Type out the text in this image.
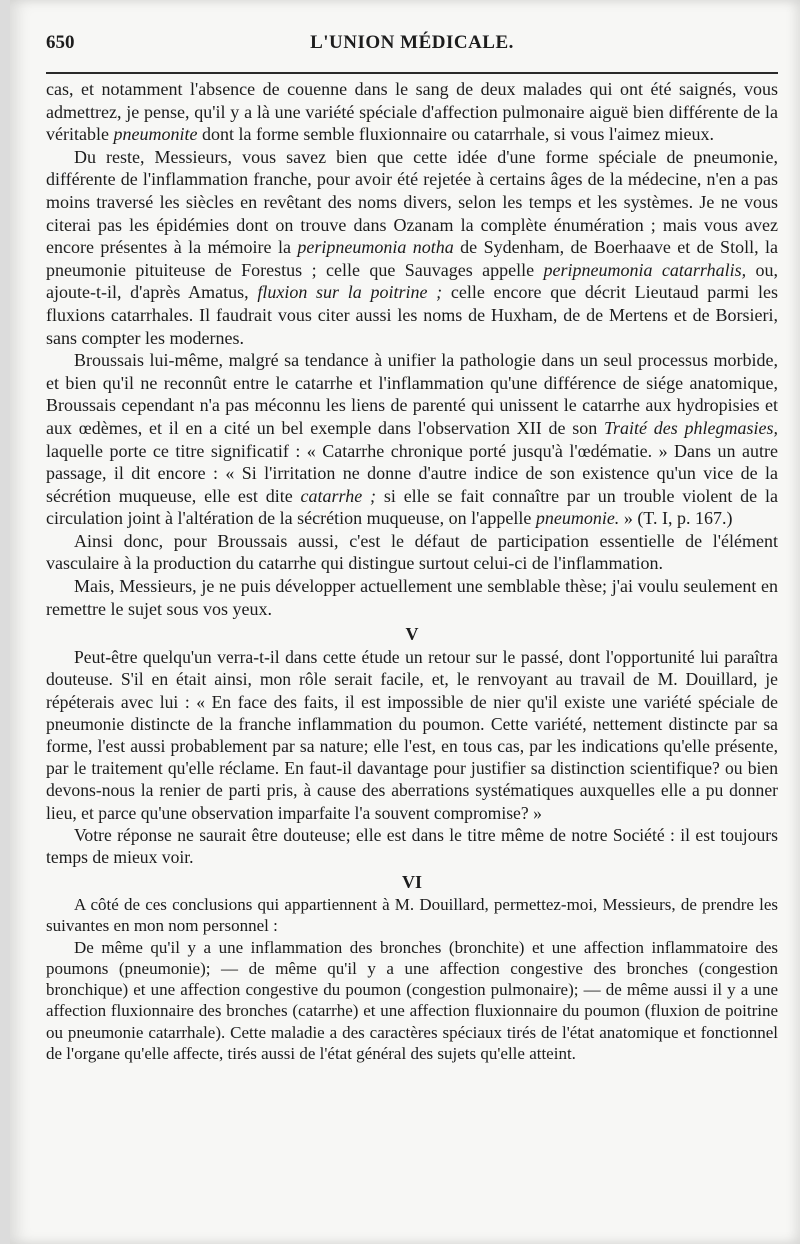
650	L'UNION MÉDICALE.

cas, et notamment l'absence de couenne dans le sang de deux malades qui ont été saignés, vous admettrez, je pense, qu'il y a là une variété spéciale d'affection pulmonaire aiguë bien différente de la véritable pneumonite dont la forme semble fluxionnaire ou catarrhale, si vous l'aimez mieux.

Du reste, Messieurs, vous savez bien que cette idée d'une forme spéciale de pneumonie, différente de l'inflammation franche, pour avoir été rejetée à certains âges de la médecine, n'en a pas moins traversé les siècles en revêtant des noms divers, selon les temps et les systèmes. Je ne vous citerai pas les épidémies dont on trouve dans Ozanam la complète énumération ; mais vous avez encore présentes à la mémoire la peripneumonia notha de Sydenham, de Boerhaave et de Stoll, la pneumonie pituiteuse de Forestus ; celle que Sauvages appelle peripneumonia catarrhalis, ou, ajoute-t-il, d'après Amatus, fluxion sur la poitrine ; celle encore que décrit Lieutaud parmi les fluxions catarrhales. Il faudrait vous citer aussi les noms de Huxham, de de Mertens et de Borsieri, sans compter les modernes.

Broussais lui-même, malgré sa tendance à unifier la pathologie dans un seul processus morbide, et bien qu'il ne reconnût entre le catarrhe et l'inflammation qu'une différence de siége anatomique, Broussais cependant n'a pas méconnu les liens de parenté qui unissent le catarrhe aux hydropisies et aux œdèmes, et il en a cité un bel exemple dans l'observation XII de son Traité des phlegmasies, laquelle porte ce titre significatif : « Catarrhe chronique porté jusqu'à l'œdématie. » Dans un autre passage, il dit encore : « Si l'irritation ne donne d'autre indice de son existence qu'un vice de la sécrétion muqueuse, elle est dite catarrhe ; si elle se fait connaître par un trouble violent de la circulation joint à l'altération de la sécrétion muqueuse, on l'appelle pneumonie. » (T. I, p. 167.)

Ainsi donc, pour Broussais aussi, c'est le défaut de participation essentielle de l'élément vasculaire à la production du catarrhe qui distingue surtout celui-ci de l'inflammation.

Mais, Messieurs, je ne puis développer actuellement une semblable thèse; j'ai voulu seulement en remettre le sujet sous vos yeux.

V

Peut-être quelqu'un verra-t-il dans cette étude un retour sur le passé, dont l'opportunité lui paraîtra douteuse. S'il en était ainsi, mon rôle serait facile, et, le renvoyant au travail de M. Douillard, je répéterais avec lui : « En face des faits, il est impossible de nier qu'il existe une variété spéciale de pneumonie distincte de la franche inflammation du poumon. Cette variété, nettement distincte par sa forme, l'est aussi probablement par sa nature; elle l'est, en tous cas, par les indications qu'elle présente, par le traitement qu'elle réclame. En faut-il davantage pour justifier sa distinction scientifique? ou bien devons-nous la renier de parti pris, à cause des aberrations systématiques auxquelles elle a pu donner lieu, et parce qu'une observation imparfaite l'a souvent compromise? »

Votre réponse ne saurait être douteuse; elle est dans le titre même de notre Société : il est toujours temps de mieux voir.

VI

A côté de ces conclusions qui appartiennent à M. Douillard, permettez-moi, Messieurs, de prendre les suivantes en mon nom personnel :

De même qu'il y a une inflammation des bronches (bronchite) et une affection inflammatoire des poumons (pneumonie); — de même qu'il y a une affection congestive des bronches (congestion bronchique) et une affection congestive du poumon (congestion pulmonaire); — de même aussi il y a une affection fluxionnaire des bronches (catarrhe) et une affection fluxionnaire du poumon (fluxion de poitrine ou pneumonie catarrhale). Cette maladie a des caractères spéciaux tirés de l'état anatomique et fonctionnel de l'organe qu'elle affecte, tirés aussi de l'état général des sujets qu'elle atteint.
